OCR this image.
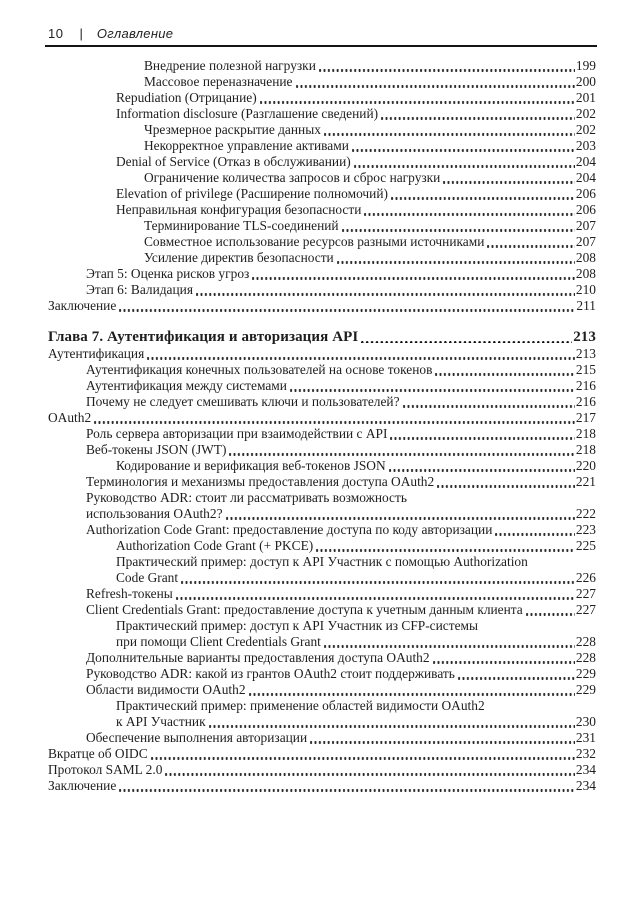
10 | Оглавление
Внедрение полезной нагрузки	199
Массовое переназначение	200
Repudiation (Отрицание)	201
Information disclosure (Разглашение сведений)	202
Чрезмерное раскрытие данных	202
Некорректное управление активами	203
Denial of Service (Отказ в обслуживании)	204
Ограничение количества запросов и сброс нагрузки	204
Elevation of privilege (Расширение полномочий)	206
Неправильная конфигурация безопасности	206
Терминирование TLS-соединений	207
Совместное использование ресурсов разными источниками	207
Усиление директив безопасности	208
Этап 5: Оценка рисков угроз	208
Этап 6: Валидация	210
Заключение	211
Глава 7. Аутентификация и авторизация API	213
Аутентификация	213
Аутентификация конечных пользователей на основе токенов	215
Аутентификация между системами	216
Почему не следует смешивать ключи и пользователей?	216
OAuth2	217
Роль сервера авторизации при взаимодействии с API	218
Веб-токены JSON (JWT)	218
Кодирование и верификация веб-токенов JSON	220
Терминология и механизмы предоставления доступа OAuth2	221
Руководство ADR: стоит ли рассматривать возможность
использования OAuth2?	222
Authorization Code Grant: предоставление доступа по коду авторизации	223
Authorization Code Grant (+ PKCE)	225
Практический пример: доступ к API Участник с помощью Authorization
Code Grant	226
Refresh-токены	227
Client Credentials Grant: предоставление доступа к учетным данным клиента	227
Практический пример: доступ к API Участник из CFP-системы
при помощи Client Credentials Grant	228
Дополнительные варианты предоставления доступа OAuth2	228
Руководство ADR: какой из грантов OAuth2 стоит поддерживать	229
Области видимости OAuth2	229
Практический пример: применение областей видимости OAuth2
к API Участник	230
Обеспечение выполнения авторизации	231
Вкратце об OIDC	232
Протокол SAML 2.0	234
Заключение	234
